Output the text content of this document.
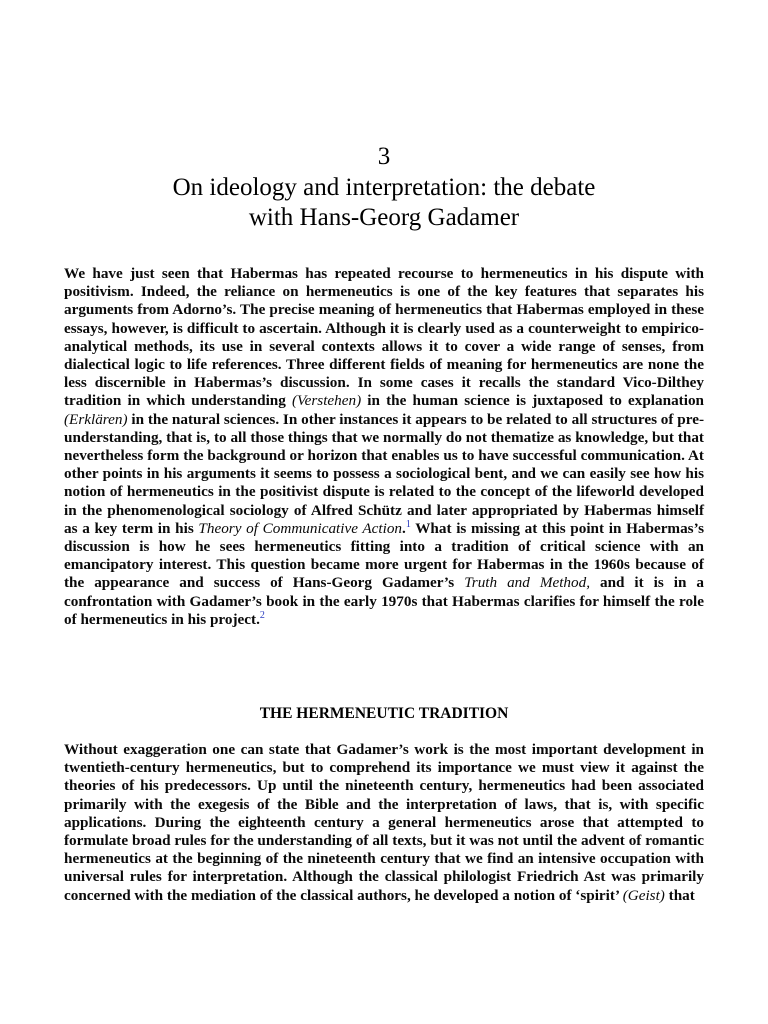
3
On ideology and interpretation: the debate
with Hans-Georg Gadamer

We have just seen that Habermas has repeated recourse to hermeneutics in his dispute with positivism. Indeed, the reliance on hermeneutics is one of the key features that separates his arguments from Adorno’s. The precise meaning of hermeneutics that Habermas employed in these essays, however, is difficult to ascertain. Although it is clearly used as a counterweight to empirico-analytical methods, its use in several contexts allows it to cover a wide range of senses, from dialectical logic to life references. Three different fields of meaning for hermeneutics are none the less discernible in Habermas’s discussion. In some cases it recalls the standard Vico-Dilthey tradition in which understanding (Verstehen) in the human science is juxtaposed to explanation (Erklären) in the natural sciences. In other instances it appears to be related to all structures of pre-understanding, that is, to all those things that we normally do not thematize as knowledge, but that nevertheless form the background or horizon that enables us to have successful communication. At other points in his arguments it seems to possess a sociological bent, and we can easily see how his notion of hermeneutics in the positivist dispute is related to the concept of the lifeworld developed in the phenomenological sociology of Alfred Schütz and later appropriated by Habermas himself as a key term in his Theory of Communicative Action.$^1$ What is missing at this point in Habermas’s discussion is how he sees hermeneutics fitting into a tradition of critical science with an emancipatory interest. This question became more urgent for Habermas in the 1960s because of the appearance and success of Hans-Georg Gadamer’s Truth and Method, and it is in a confrontation with Gadamer’s book in the early 1970s that Habermas clarifies for himself the role of hermeneutics in his project.$^2$

THE HERMENEUTIC TRADITION

Without exaggeration one can state that Gadamer’s work is the most important development in twentieth-century hermeneutics, but to comprehend its importance we must view it against the theories of his predecessors. Up until the nineteenth century, hermeneutics had been associated primarily with the exegesis of the Bible and the interpretation of laws, that is, with specific applications. During the eighteenth century a general hermeneutics arose that attempted to formulate broad rules for the understanding of all texts, but it was not until the advent of romantic hermeneutics at the beginning of the nineteenth century that we find an intensive occupation with universal rules for interpretation. Although the classical philologist Friedrich Ast was primarily concerned with the mediation of the classical authors, he developed a notion of ‘spirit’ (Geist) that
